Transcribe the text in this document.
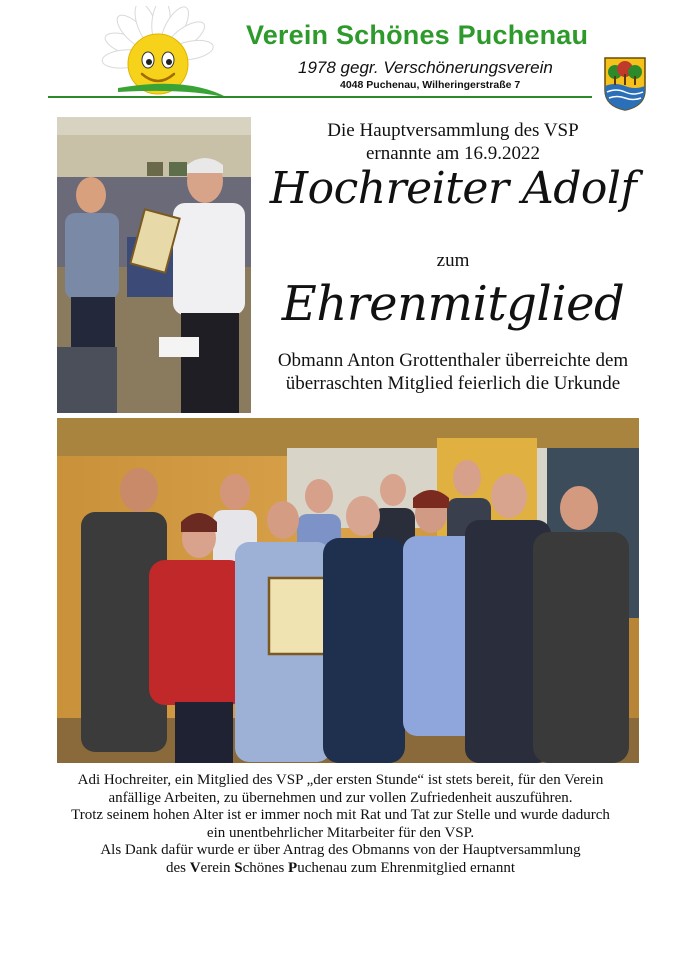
Verein Schönes Puchenau
1978 gegr. Verschönerungsverein
4048 Puchenau, Wilheringerstraße 7
Die Hauptversammlung des VSP
ernannte am 16.9.2022
Hochreiter Adolf
zum
Ehrenmitglied
Obmann Anton Grottenthaler überreichte dem
überraschten Mitglied feierlich die Urkunde
Adi Hochreiter, ein Mitglied des VSP „der ersten Stunde“ ist stets bereit, für den Verein
anfällige Arbeiten, zu übernehmen und zur vollen Zufriedenheit auszuführen.
Trotz seinem hohen Alter ist er immer noch mit Rat und Tat zur Stelle und wurde dadurch
ein unentbehrlicher Mitarbeiter für den VSP.
Als Dank dafür wurde er über Antrag des Obmanns von der Hauptversammlung
des Verein Schönes Puchenau zum Ehrenmitglied ernannt
